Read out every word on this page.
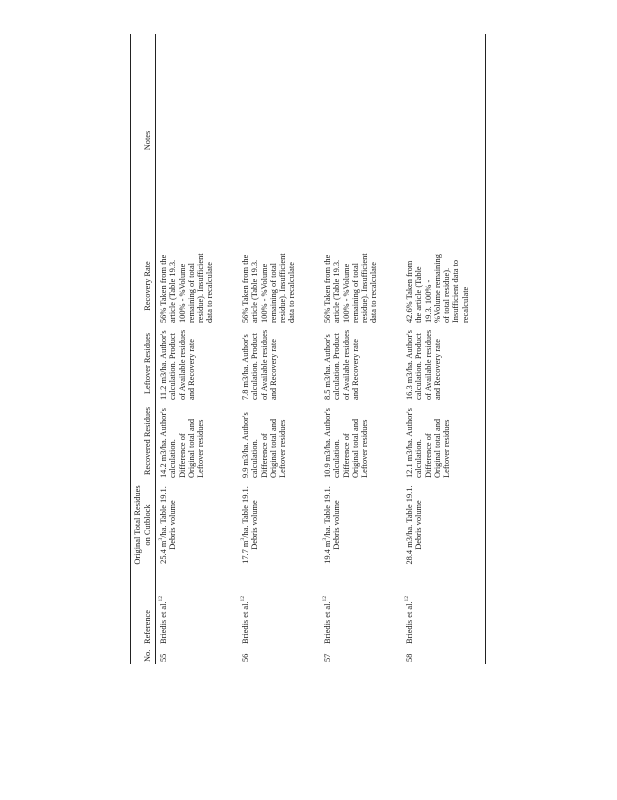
No.	Reference	Original Total Residues on Cutblock	Recovered Residues	Leftover Residues	Recovery Rate	Notes
55	Briedis et al.$^{12}$	25.4 $m^3/ha$. Table 19.1. Debris volume	14.2 m3/ha. Author's calculation. Difference of Original total and Leftover residues	11.2 m3/ha. Author's calculation. Product of Available residues and Recovery rate	56% Taken from the article (Table 19.3. 100% - %Volume remaining of total residue). Insufficient data to recalculate	
56	Briedis et al.$^{12}$	17.7 $m^3/ha$. Table 19.1. Debris volume	9.9 m3/ha. Author's calculation. Difference of Original total and Leftover residues	7.8 m3/ha. Author's calculation. Product of Available residues and Recovery rate	56% Taken from the article (Table 19.3. 100% - %Volume remaining of total residue). Insufficient data to recalculate	
57	Briedis et al.$^{12}$	19.4 $m^3/ha$. Table 19.1. Debris volume	10.9 m3/ha. Author's calculation. Difference of Original total and Leftover residues	8.5 m3/ha. Author's calculation. Product of Available residues and Recovery rate	56% Taken from the article (Table 19.3. 100% - %Volume remaining of total residue). Insufficient data to recalculate	
58	Briedis et al.$^{12}$	28.4 m3/ha. Table 19.1. Debris volume	12.1 m3/ha. Author's calculation. Difference of Original total and Leftover residues	16.3 m3/ha. Author's calculation. Product of Available residues and Recovery rate	42.6% Taken from the article (Table 19.3. 100% - %Volume remaining of total residue). Insufficient data to recalculate	
